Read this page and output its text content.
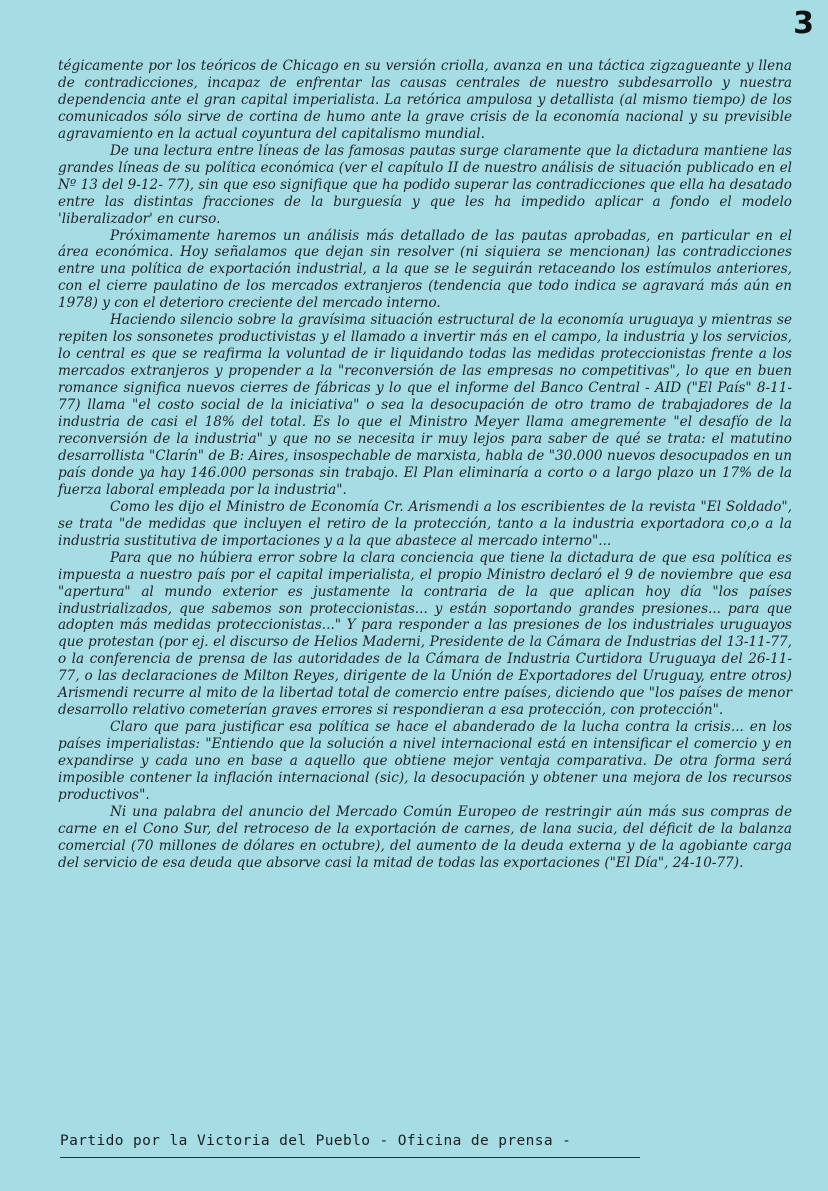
3

tégicamente por los teóricos de Chicago en su versión criolla, avanza en una táctica zigzagueante y llena de contradicciones, incapaz de enfrentar las causas centrales de nuestro subdesarrollo y nuestra dependencia ante el gran capital imperialista. La retórica ampulosa y detallista (al mismo tiempo) de los comunicados sólo sirve de cortina de humo ante la grave crisis de la economía nacional y su previsible agravamiento en la actual coyuntura del capitalismo mundial.

De una lectura entre líneas de las famosas pautas surge claramente que la dictadura mantiene las grandes líneas de su política económica (ver el capítulo II de nuestro análisis de situación publicado en el Nº 13 del 9-12- 77), sin que eso signifique que ha podido superar las contradicciones que ella ha desatado entre las distintas fracciones de la burguesía y que les ha impedido aplicar a fondo el modelo 'liberalizador' en curso.

Próximamente haremos un análisis más detallado de las pautas aprobadas, en particular en el área económica. Hoy señalamos que dejan sin resolver (ni siquiera se mencionan) las contradicciones entre una política de exportación industrial, a la que se le seguirán retaceando los estímulos anteriores, con el cierre paulatino de los mercados extranjeros (tendencia que todo indica se agravará más aún en 1978) y con el deterioro creciente del mercado interno.

Haciendo silencio sobre la gravísima situación estructural de la economía uruguaya y mientras se repiten los sonsonetes productivistas y el llamado a invertir más en el campo, la industria y los servicios, lo central es que se reafirma la voluntad de ir liquidando todas las medidas proteccionistas frente a los mercados extranjeros y propender a la "reconversión de las empresas no competitivas", lo que en buen romance significa nuevos cierres de fábricas y lo que el informe del Banco Central - AID ("El País" 8-11-77) llama "el costo social de la iniciativa" o sea la desocupación de otro tramo de trabajadores de la industria de casi el 18% del total. Es lo que el Ministro Meyer llama amegremente "el desafío de la reconversión de la industria" y que no se necesita ir muy lejos para saber de qué se trata: el matutino desarrollista "Clarín" de B: Aires, insospechable de marxista, habla de "30.000 nuevos desocupados en un país donde ya hay 146.000 personas sin trabajo. El Plan eliminaría a corto o a largo plazo un 17% de la fuerza laboral empleada por la industria".

Como les dijo el Ministro de Economía Cr. Arismendi a los escribientes de la revista "El Soldado", se trata "de medidas que incluyen el retiro de la protección, tanto a la industria exportadora co,o a la industria sustitutiva de importaciones y a la que abastece al mercado interno"...

Para que no húbiera error sobre la clara conciencia que tiene la dictadura de que esa política es impuesta a nuestro país por el capital imperialista, el propio Ministro declaró el 9 de noviembre que esa "apertura" al mundo exterior es justamente la contraria de la que aplican hoy día "los países industrializados, que sabemos son proteccionistas... y están soportando grandes presiones... para que adopten más medidas proteccionistas..." Y para responder a las presiones de los industriales uruguayos que protestan (por ej. el discurso de Helios Maderni, Presidente de la Cámara de Industrias del 13-11-77, o la conferencia de prensa de las autoridades de la Cámara de Industria Curtidora Uruguaya del 26-11-77, o las declaraciones de Milton Reyes, dirigente de la Unión de Exportadores del Uruguay, entre otros) Arismendi recurre al mito de la libertad total de comercio entre países, diciendo que "los países de menor desarrollo relativo cometerían graves errores si respondieran a esa protección, con protección".

Claro que para justificar esa política se hace el abanderado de la lucha contra la crisis... en los países imperialistas: "Entiendo que la solución a nivel internacional está en intensificar el comercio y en expandirse y cada uno en base a aquello que obtiene mejor ventaja comparativa. De otra forma será imposible contener la inflación internacional (sic), la desocupación y obtener una mejora de los recursos productivos".

Ni una palabra del anuncio del Mercado Común Europeo de restringir aún más sus compras de carne en el Cono Sur, del retroceso de la exportación de carnes, de lana sucia, del déficit de la balanza comercial (70 millones de dólares en octubre), del aumento de la deuda externa y de la agobiante carga del servicio de esa deuda que absorve casi la mitad de todas las exportaciones ("El Día", 24-10-77).

Partido por la Victoria del Pueblo - Oficina de prensa -
